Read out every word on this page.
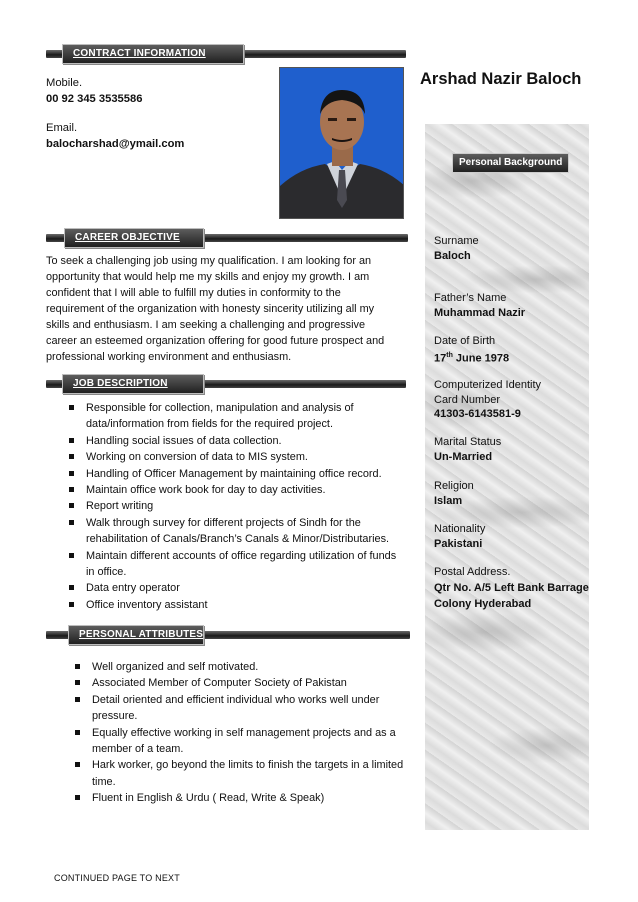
CONTRACT INFORMATION
Mobile.
00 92 345 3535586
Email.
balocharshad@ymail.com
Arshad Nazir Baloch
Personal Background
Surname
Baloch
Father’s Name
Muhammad Nazir
Date of Birth
17th June 1978
Computerized Identity
Card Number
41303-6143581-9
Marital Status
Un-Married
Religion
Islam
Nationality
Pakistani
Postal Address.
Qtr No. A/5 Left Bank Barrage
Colony Hyderabad
CAREER OBJECTIVE
To seek a challenging job using my qualification. I am looking for an opportunity that would help me my skills and enjoy my growth. I am confident that I will able to fulfill my duties in conformity to the requirement of the organization with honesty sincerity utilizing all my skills and enthusiasm. I am seeking a challenging and progressive career an esteemed organization offering for good future prospect and professional working environment and enthusiasm.
JOB DESCRIPTION
Responsible for collection, manipulation and analysis of data/information from fields for the required project.
Handling social issues of data collection.
Working on conversion of data to MIS system.
Handling of Officer Management by maintaining office record.
Maintain office work book for day to day activities.
Report writing
Walk through survey for different projects of Sindh for the rehabilitation of Canals/Branch’s Canals & Minor/Distributaries.
Maintain different accounts of office regarding utilization of funds in office.
Data entry operator
Office inventory assistant
PERSONAL ATTRIBUTES
Well organized and self motivated.
Associated Member of Computer Society of Pakistan
Detail oriented and efficient individual who works well under pressure.
Equally effective working in self management projects and as a member of a team.
Hark worker, go beyond the limits to finish the targets in a limited time.
Fluent in English & Urdu ( Read, Write & Speak)
CONTINUED PAGE TO NEXT
